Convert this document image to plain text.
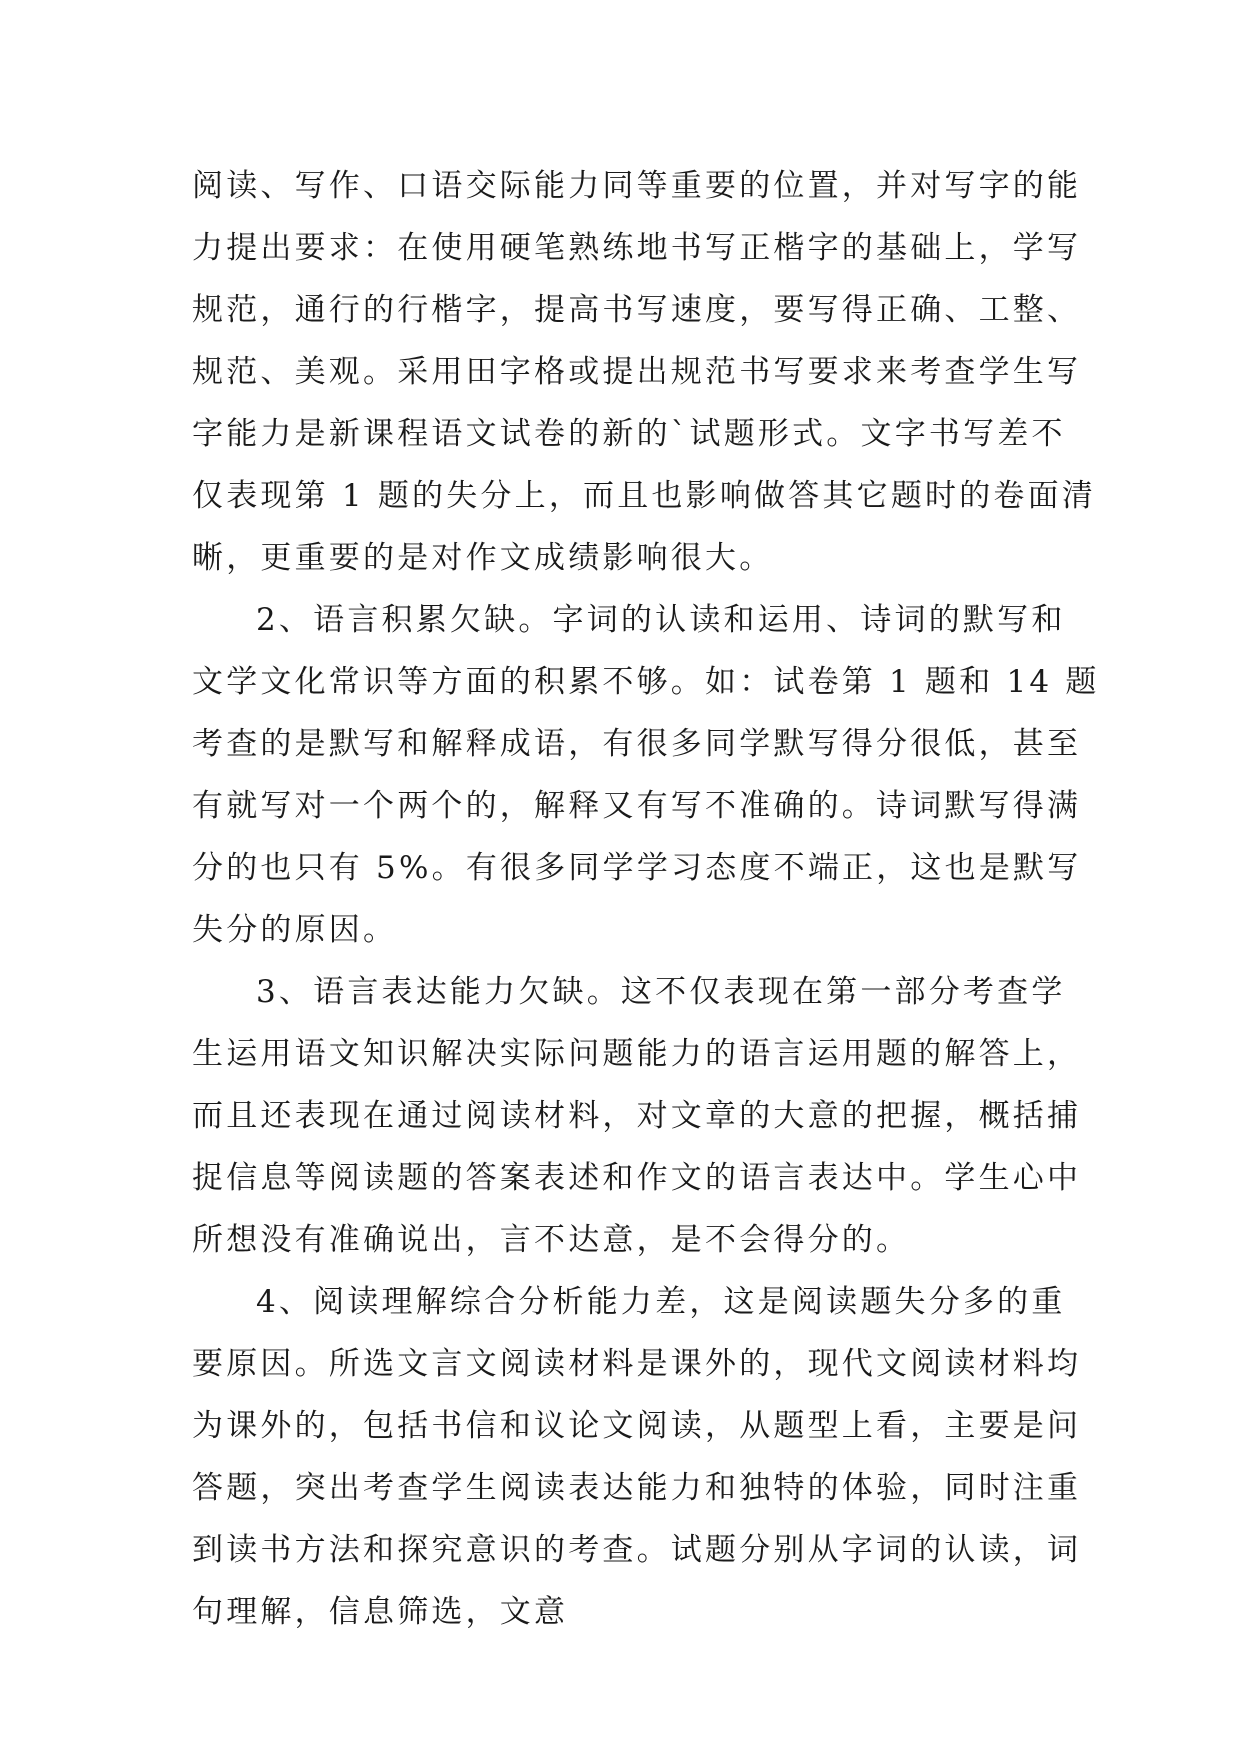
阅读、写作、口语交际能力同等重要的位置，并对写字的能
力提出要求：在使用硬笔熟练地书写正楷字的基础上，学写
规范，通行的行楷字，提高书写速度，要写得正确、工整、
规范、美观。采用田字格或提出规范书写要求来考查学生写
字能力是新课程语文试卷的新的`试题形式。文字书写差不
仅表现第 1 题的失分上，而且也影响做答其它题时的卷面清
晰，更重要的是对作文成绩影响很大。
2、语言积累欠缺。字词的认读和运用、诗词的默写和
文学文化常识等方面的积累不够。如：试卷第 1 题和 14 题
考查的是默写和解释成语，有很多同学默写得分很低，甚至
有就写对一个两个的，解释又有写不准确的。诗词默写得满
分的也只有 5%。有很多同学学习态度不端正，这也是默写
失分的原因。
3、语言表达能力欠缺。这不仅表现在第一部分考查学
生运用语文知识解决实际问题能力的语言运用题的解答上，
而且还表现在通过阅读材料，对文章的大意的把握，概括捕
捉信息等阅读题的答案表述和作文的语言表达中。学生心中
所想没有准确说出，言不达意，是不会得分的。
4、阅读理解综合分析能力差，这是阅读题失分多的重
要原因。所选文言文阅读材料是课外的，现代文阅读材料均
为课外的，包括书信和议论文阅读，从题型上看，主要是问
答题，突出考查学生阅读表达能力和独特的体验，同时注重
到读书方法和探究意识的考查。试题分别从字词的认读，词
句理解，信息筛选，文意
